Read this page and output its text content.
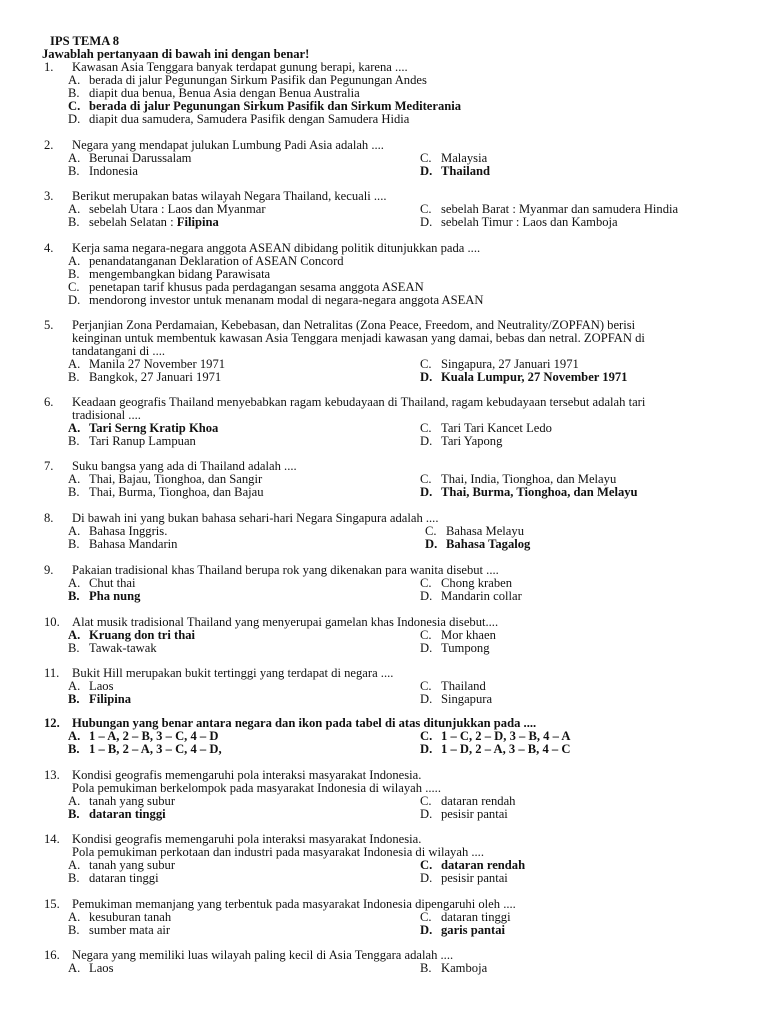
IPS TEMA 8
Jawablah pertanyaan di bawah ini dengan benar!
1. Kawasan Asia Tenggara banyak terdapat gunung berapi, karena ....
A. berada di jalur Pegunungan Sirkum Pasifik dan Pegunungan Andes
B. diapit dua benua, Benua Asia dengan Benua Australia
C. berada di jalur Pegunungan Sirkum Pasifik dan Sirkum Mediterania
D. diapit dua samudera, Samudera Pasifik dengan Samudera Hidia
2. Negara yang mendapat julukan Lumbung Padi Asia adalah ....
A. Berunai Darussalam	C. Malaysia
B. Indonesia	D. Thailand
3. Berikut merupakan batas wilayah Negara Thailand, kecuali ....
A. sebelah Utara : Laos dan Myanmar	C. sebelah Barat : Myanmar dan samudera Hindia
B. sebelah Selatan : Filipina	D. sebelah Timur : Laos dan Kamboja
4. Kerja sama negara-negara anggota ASEAN dibidang politik ditunjukkan pada ....
A. penandatanganan Deklaration of ASEAN Concord
B. mengembangkan bidang Parawisata
C. penetapan tarif khusus pada perdagangan sesama anggota ASEAN
D. mendorong investor untuk menanam modal di negara-negara anggota ASEAN
5. Perjanjian Zona Perdamaian, Kebebasan, dan Netralitas (Zona Peace, Freedom, and Neutrality/ZOPFAN) berisi
keinginan untuk membentuk kawasan Asia Tenggara menjadi kawasan yang damai, bebas dan netral. ZOPFAN di
tandatangani di ....
A. Manila 27 November 1971	C. Singapura, 27 Januari 1971
B. Bangkok, 27 Januari 1971	D. Kuala Lumpur, 27 November 1971
6. Keadaan geografis Thailand menyebabkan ragam kebudayaan di Thailand, ragam kebudayaan tersebut adalah tari
tradisional ....
A. Tari Serng Kratip Khoa	C. Tari Tari Kancet Ledo
B. Tari Ranup Lampuan	D. Tari Yapong
7. Suku bangsa yang ada di Thailand adalah ....
A. Thai, Bajau, Tionghoa, dan Sangir	C. Thai, India, Tionghoa, dan Melayu
B. Thai, Burma, Tionghoa, dan Bajau	D. Thai, Burma, Tionghoa, dan Melayu
8. Di bawah ini yang bukan bahasa sehari-hari Negara Singapura adalah ....
A. Bahasa Inggris.	C. Bahasa Melayu
B. Bahasa Mandarin	D. Bahasa Tagalog
9. Pakaian tradisional khas Thailand berupa rok yang dikenakan para wanita disebut ....
A. Chut thai	C. Chong kraben
B. Pha nung	D. Mandarin collar
10. Alat musik tradisional Thailand yang menyerupai gamelan khas Indonesia disebut....
A. Kruang don tri thai	C. Mor khaen
B. Tawak-tawak	D. Tumpong
11. Bukit Hill merupakan bukit tertinggi yang terdapat di negara ....
A. Laos	C. Thailand
B. Filipina	D. Singapura
12. Hubungan yang benar antara negara dan ikon pada tabel di atas ditunjukkan pada ....
A. 1 – A, 2 – B, 3 – C, 4 – D	C. 1 – C, 2 – D, 3 – B, 4 – A
B. 1 – B, 2 – A, 3 – C, 4 – D,	D. 1 – D, 2 – A, 3 – B, 4 – C
13. Kondisi geografis memengaruhi pola interaksi masyarakat Indonesia.
Pola pemukiman berkelompok pada masyarakat Indonesia di wilayah .....
A. tanah yang subur	C. dataran rendah
B. dataran tinggi	D. pesisir pantai
14. Kondisi geografis memengaruhi pola interaksi masyarakat Indonesia.
Pola pemukiman perkotaan dan industri pada masyarakat Indonesia di wilayah ....
A. tanah yang subur	C. dataran rendah
B. dataran tinggi	D. pesisir pantai
15. Pemukiman memanjang yang terbentuk pada masyarakat Indonesia dipengaruhi oleh ....
A. kesuburan tanah	C. dataran tinggi
B. sumber mata air	D. garis pantai
16. Negara yang memiliki luas wilayah paling kecil di Asia Tenggara adalah ....
A. Laos	B. Kamboja
